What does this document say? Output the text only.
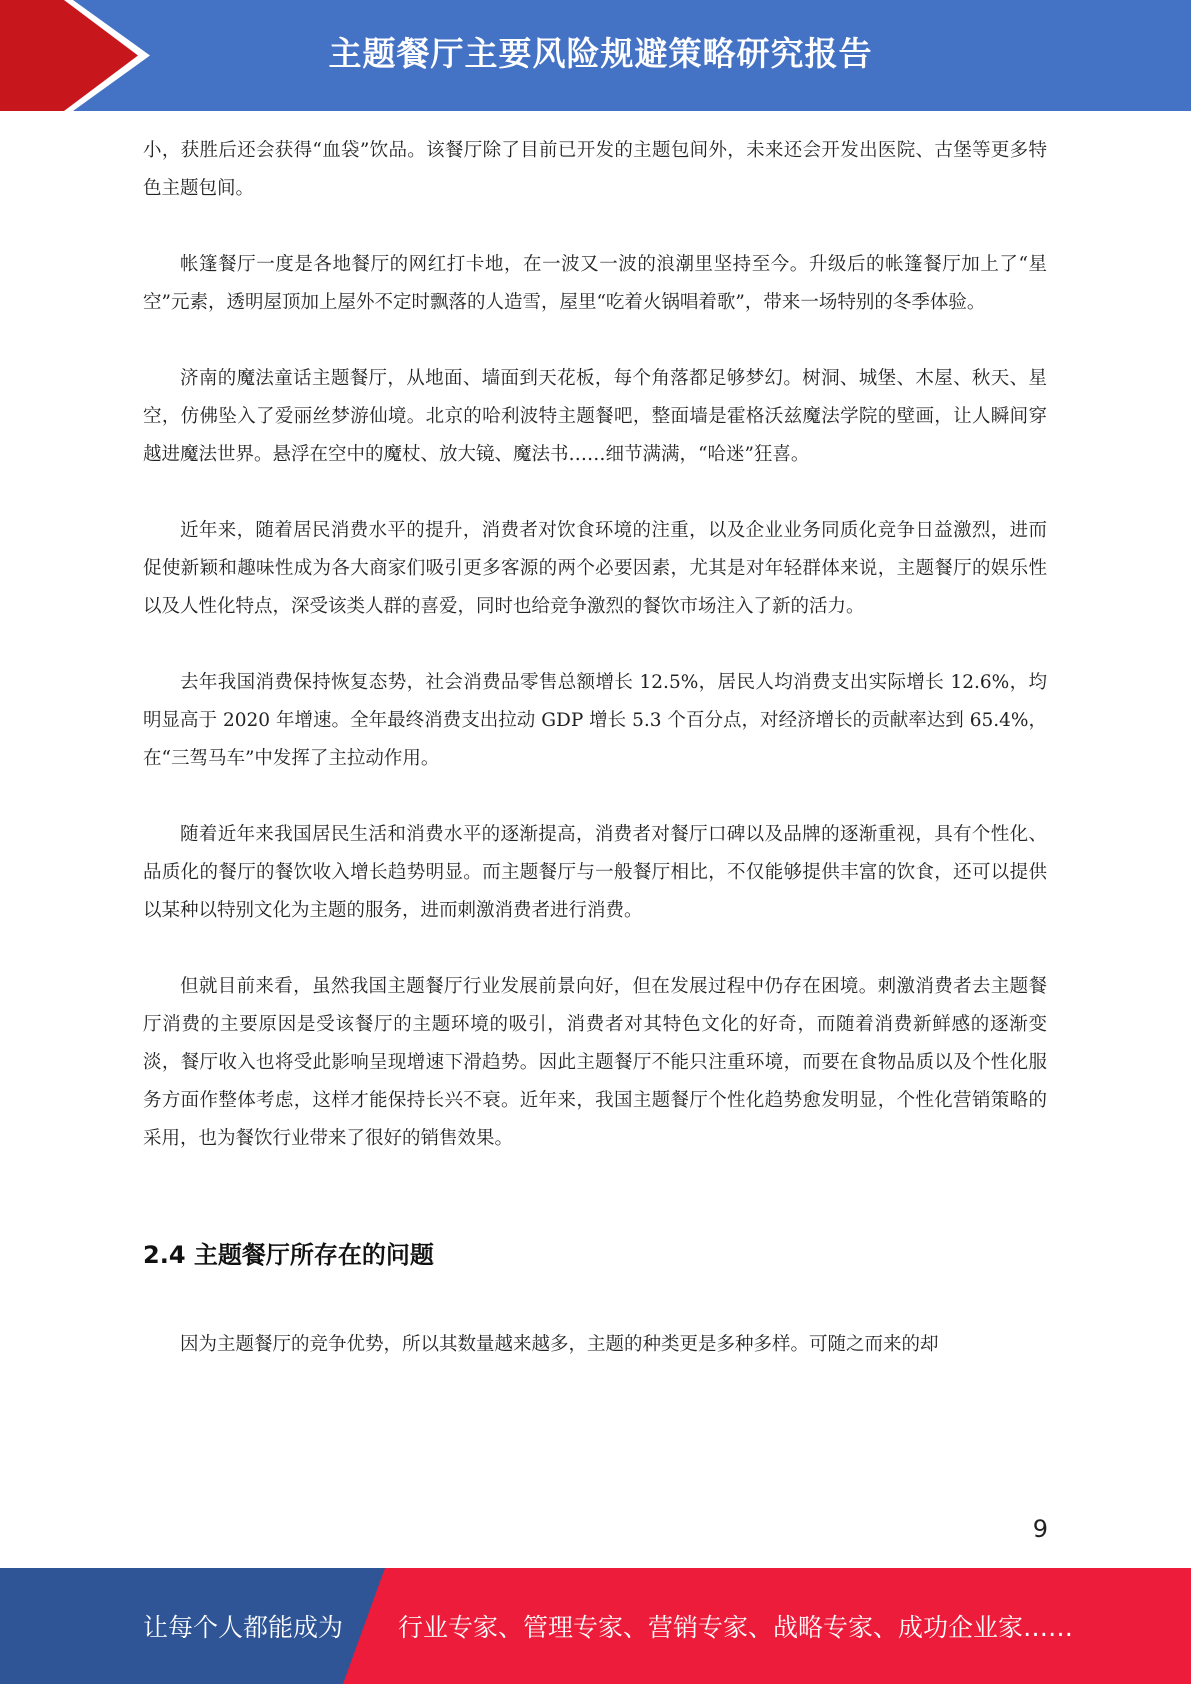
主题餐厅主要风险规避策略研究报告

小，获胜后还会获得“血袋”饮品。该餐厅除了目前已开发的主题包间外，未来还会开发出医院、古堡等更多特色主题包间。

帐篷餐厅一度是各地餐厅的网红打卡地，在一波又一波的浪潮里坚持至今。升级后的帐篷餐厅加上了“星空”元素，透明屋顶加上屋外不定时飘落的人造雪，屋里“吃着火锅唱着歌”，带来一场特别的冬季体验。

济南的魔法童话主题餐厅，从地面、墙面到天花板，每个角落都足够梦幻。树洞、城堡、木屋、秋天、星空，仿佛坠入了爱丽丝梦游仙境。北京的哈利波特主题餐吧，整面墙是霍格沃兹魔法学院的壁画，让人瞬间穿越进魔法世界。悬浮在空中的魔杖、放大镜、魔法书……细节满满，“哈迷”狂喜。

近年来，随着居民消费水平的提升，消费者对饮食环境的注重，以及企业业务同质化竞争日益激烈，进而促使新颖和趣味性成为各大商家们吸引更多客源的两个必要因素，尤其是对年轻群体来说，主题餐厅的娱乐性以及人性化特点，深受该类人群的喜爱，同时也给竞争激烈的餐饮市场注入了新的活力。

去年我国消费保持恢复态势，社会消费品零售总额增长 12.5%，居民人均消费支出实际增长 12.6%，均明显高于 2020 年增速。全年最终消费支出拉动 GDP 增长 5.3 个百分点，对经济增长的贡献率达到 65.4%，在“三驾马车”中发挥了主拉动作用。

随着近年来我国居民生活和消费水平的逐渐提高，消费者对餐厅口碑以及品牌的逐渐重视，具有个性化、品质化的餐厅的餐饮收入增长趋势明显。而主题餐厅与一般餐厅相比，不仅能够提供丰富的饮食，还可以提供以某种以特别文化为主题的服务，进而刺激消费者进行消费。

但就目前来看，虽然我国主题餐厅行业发展前景向好，但在发展过程中仍存在困境。刺激消费者去主题餐厅消费的主要原因是受该餐厅的主题环境的吸引，消费者对其特色文化的好奇，而随着消费新鲜感的逐渐变淡，餐厅收入也将受此影响呈现增速下滑趋势。因此主题餐厅不能只注重环境，而要在食物品质以及个性化服务方面作整体考虑，这样才能保持长兴不衰。近年来，我国主题餐厅个性化趋势愈发明显，个性化营销策略的采用，也为餐饮行业带来了很好的销售效果。

2.4 主题餐厅所存在的问题

因为主题餐厅的竞争优势，所以其数量越来越多，主题的种类更是多种多样。可随之而来的却

9
让每个人都能成为 行业专家、管理专家、营销专家、战略专家、成功企业家……
